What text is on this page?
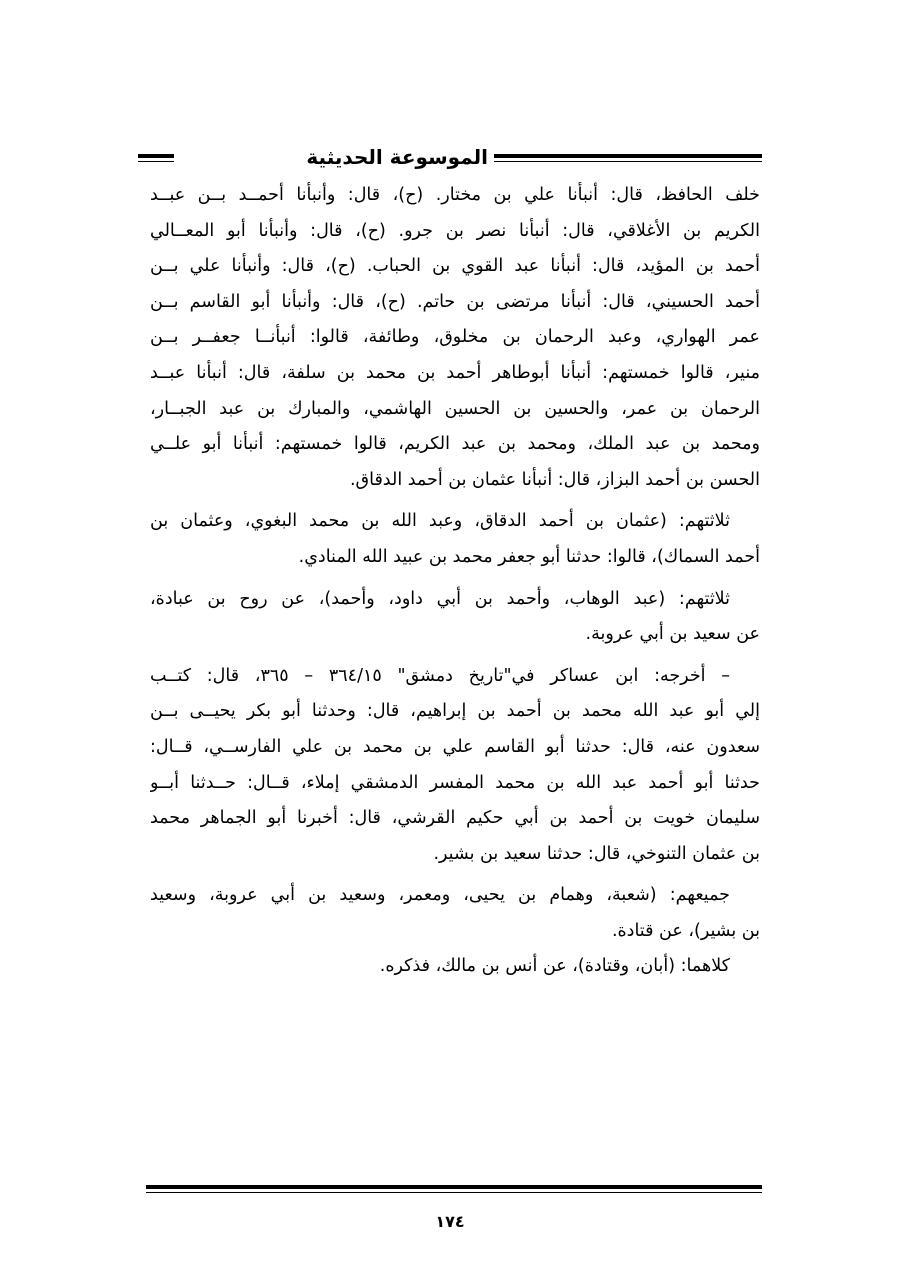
الموسوعة الحديثية
خلف الحافظ، قال: أنبأنا علي بن مختار. (ح)، قال: وأنبأنا أحمــد بــن عبــد
الكريم بن الأغلاقي، قال: أنبأنا نصر بن جرو. (ح)، قال: وأنبأنا أبو المعــالي
أحمد بن المؤيد، قال: أنبأنا عبد القوي بن الحباب. (ح)، قال: وأنبأنا علي بــن
أحمد الحسيني، قال: أنبأنا مرتضى بن حاتم. (ح)، قال: وأنبأنا أبو القاسم بــن
عمر الهواري، وعبد الرحمان بن مخلوق، وطائفة، قالوا: أنبأنــا جعفــر بــن
منير، قالوا خمستهم: أنبأنا أبوطاهر أحمد بن محمد بن سلفة، قال: أنبأنا عبــد
الرحمان بن عمر، والحسين بن الحسين الهاشمي، والمبارك بن عبد الجبــار،
ومحمد بن عبد الملك، ومحمد بن عبد الكريم، قالوا خمستهم: أنبأنا أبو علــي
الحسن بن أحمد البزاز، قال: أنبأنا عثمان بن أحمد الدقاق.
ثلاثتهم: (عثمان بن أحمد الدقاق، وعبد الله بن محمد البغوي، وعثمان بن
أحمد السماك)، قالوا: حدثنا أبو جعفر محمد بن عبيد الله المنادي.
ثلاثتهم: (عبد الوهاب، وأحمد بن أبي داود، وأحمد)، عن روح بن عبادة،
عن سعيد بن أبي عروبة.
– أخرجه: ابن عساكر في"تاريخ دمشق" ٣٦٤/١٥ – ٣٦٥، قال: كتــب
إلي أبو عبد الله محمد بن أحمد بن إبراهيم، قال: وحدثنا أبو بكر يحيــى بــن
سعدون عنه، قال: حدثنا أبو القاسم علي بن محمد بن علي الفارســي، قــال:
حدثنا أبو أحمد عبد الله بن محمد المفسر الدمشقي إملاء، قــال: حــدثنا أبــو
سليمان خويت بن أحمد بن أبي حكيم القرشي، قال: أخبرنا أبو الجماهر محمد
بن عثمان التنوخي، قال: حدثنا سعيد بن بشير.
جميعهم: (شعبة، وهمام بن يحيى، ومعمر، وسعيد بن أبي عروبة، وسعيد
بن بشير)، عن قتادة.
كلاهما: (أبان، وقتادة)، عن أنس بن مالك، فذكره.
١٧٤
